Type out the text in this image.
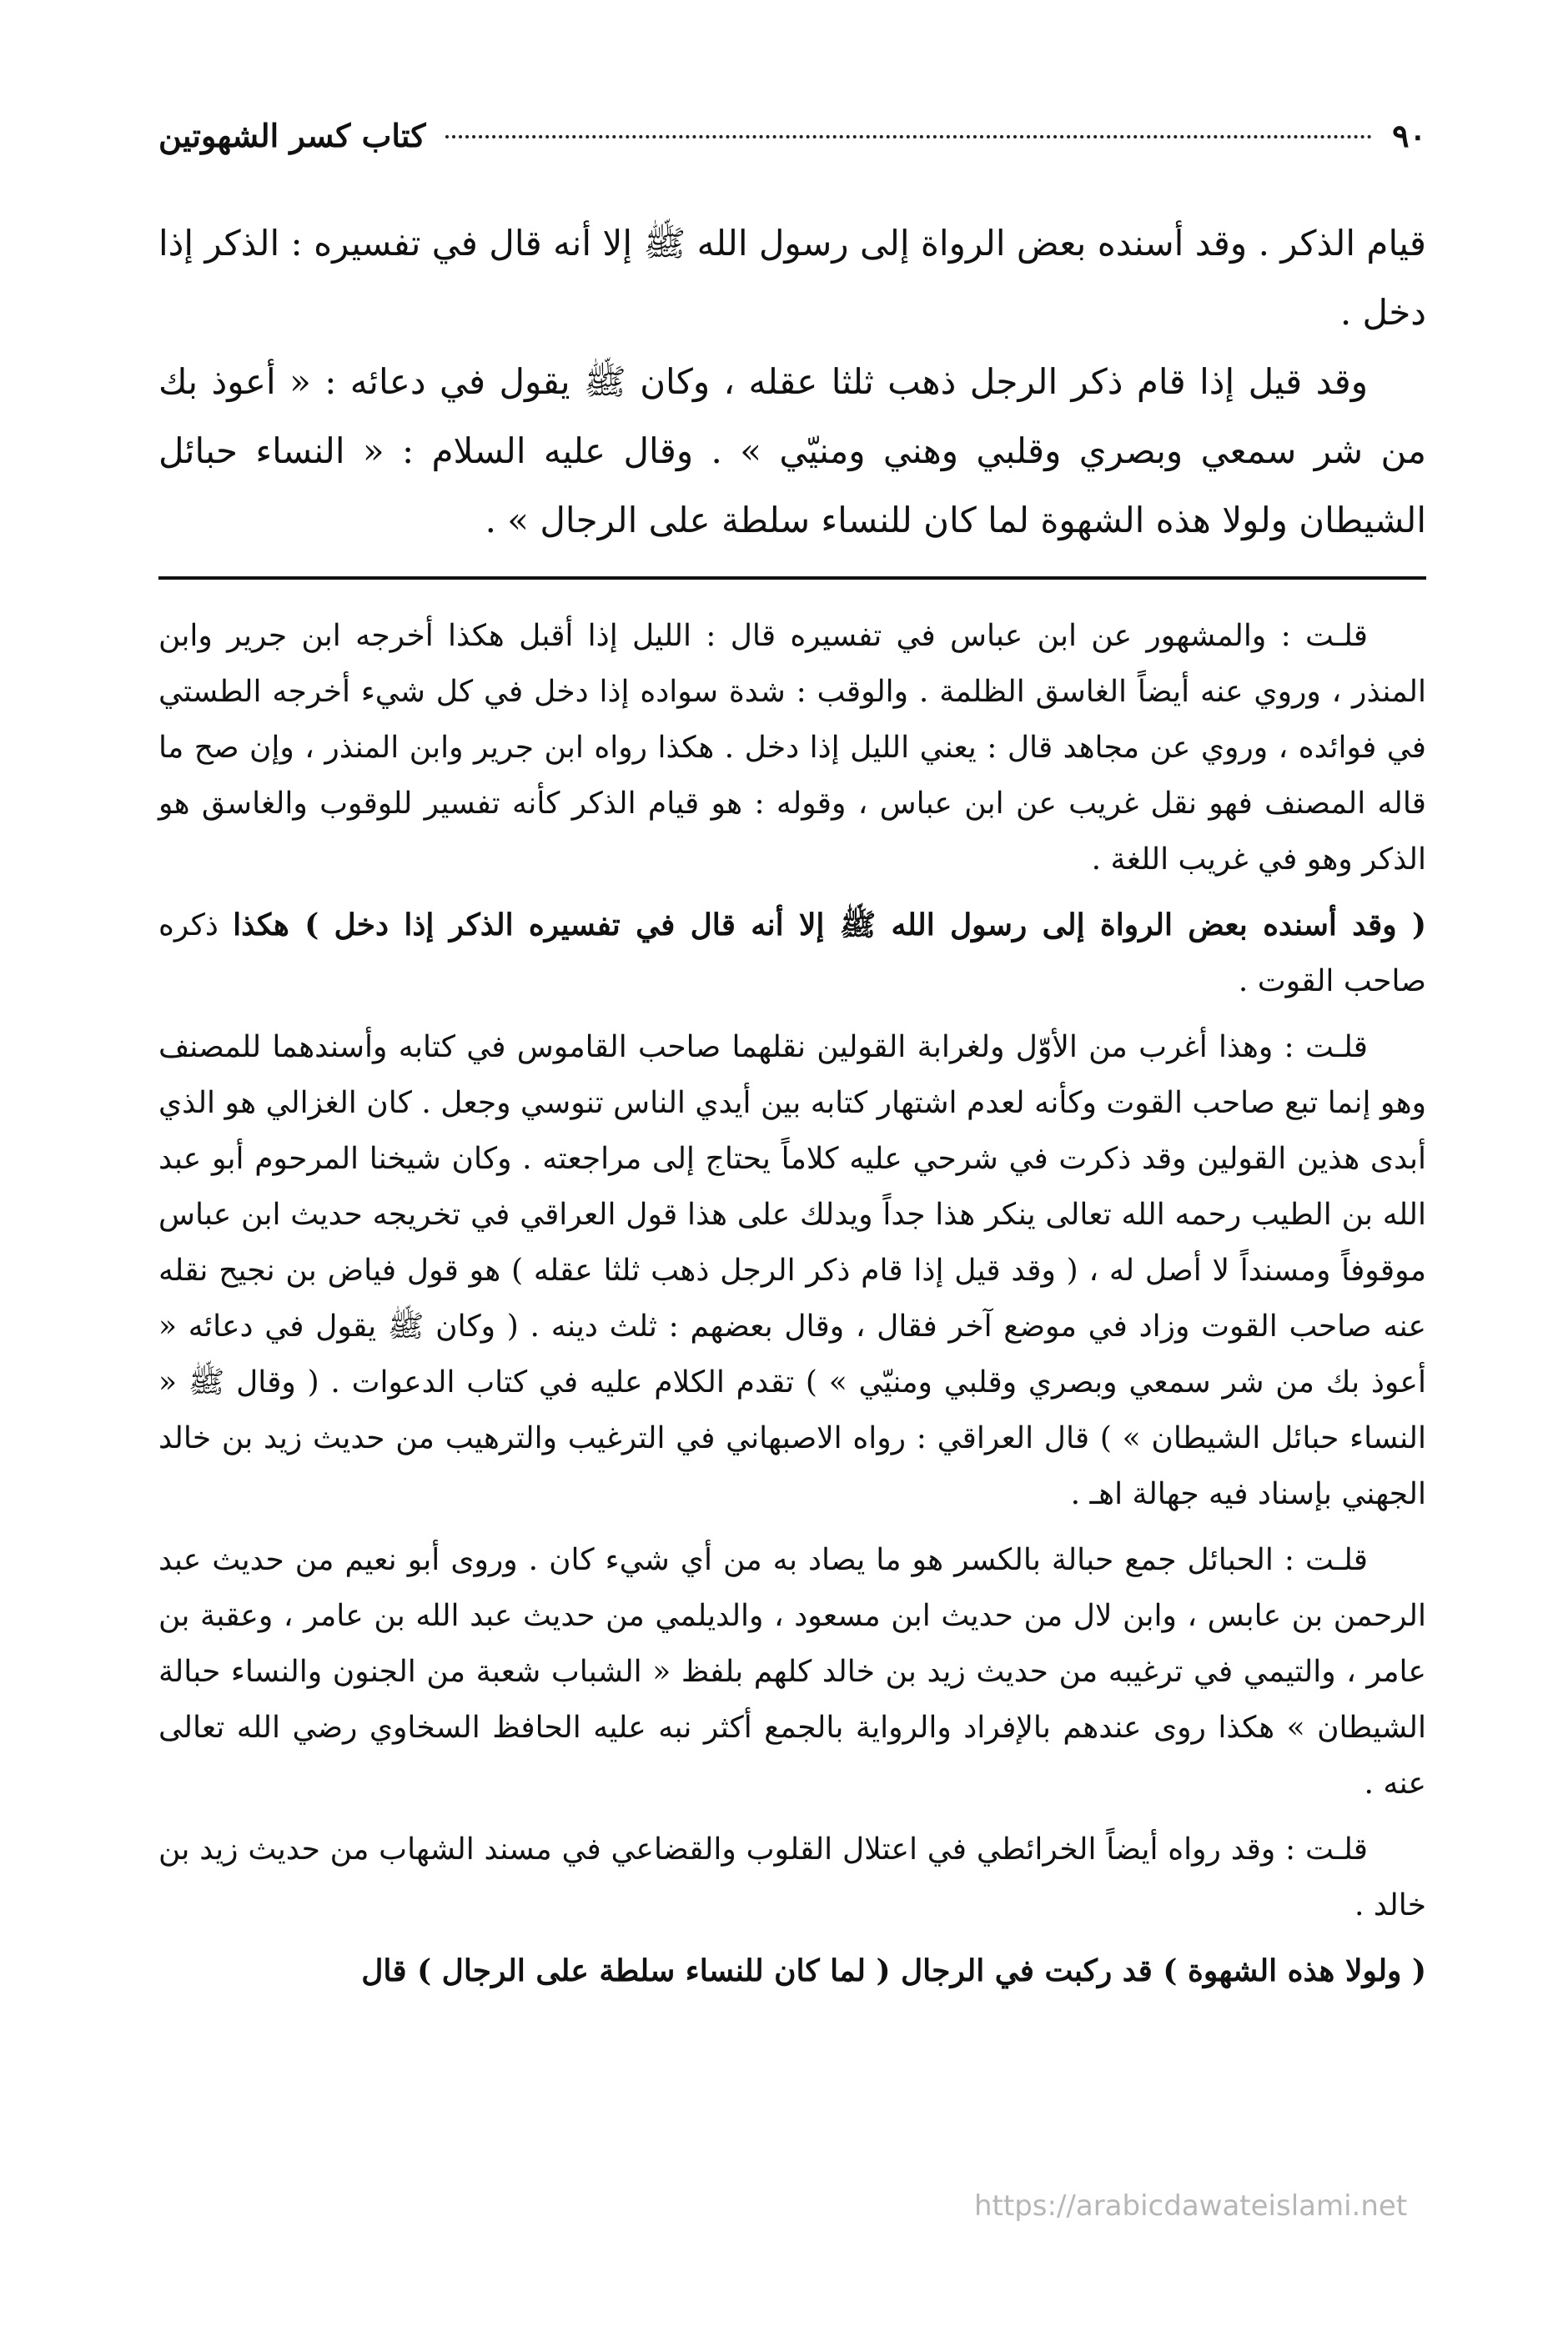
٩٠
كتاب كسر الشهوتين

قيام الذكر . وقد أسنده بعض الرواة إلى رسول الله ﷺ إلا أنه قال في تفسيره : الذكر إذا دخل .

وقد قيل إذا قام ذكر الرجل ذهب ثلثا عقله ، وكان ﷺ يقول في دعائه : « أعوذ بك من شر سمعي وبصري وقلبي وهني ومنيّي » . وقال عليه السلام : « النساء حبائل الشيطان ولولا هذه الشهوة لما كان للنساء سلطة على الرجال » .

قلـت : والمشهور عن ابن عباس في تفسيره قال : الليل إذا أقبل هكذا أخرجه ابن جرير وابن المنذر ، وروي عنه أيضاً الغاسق الظلمة . والوقب : شدة سواده إذا دخل في كل شيء أخرجه الطستي في فوائده ، وروي عن مجاهد قال : يعني الليل إذا دخل . هكذا رواه ابن جرير وابن المنذر ، وإن صح ما قاله المصنف فهو نقل غريب عن ابن عباس ، وقوله : هو قيام الذكر كأنه تفسير للوقوب والغاسق هو الذكر وهو في غريب اللغة .

( وقد أسنده بعض الرواة إلى رسول الله ﷺ إلا أنه قال في تفسيره الذكر إذا دخل ) هكذا ذكره صاحب القوت .

قلـت : وهذا أغرب من الأوّل ولغرابة القولين نقلهما صاحب القاموس في كتابه وأسندهما للمصنف وهو إنما تبع صاحب القوت وكأنه لعدم اشتهار كتابه بين أيدي الناس تنوسي وجعل . كان الغزالي هو الذي أبدى هذين القولين وقد ذكرت في شرحي عليه كلاماً يحتاج إلى مراجعته . وكان شيخنا المرحوم أبو عبد الله بن الطيب رحمه الله تعالى ينكر هذا جداً ويدلك على هذا قول العراقي في تخريجه حديث ابن عباس موقوفاً ومسنداً لا أصل له ، ( وقد قيل إذا قام ذكر الرجل ذهب ثلثا عقله ) هو قول فياض بن نجيح نقله عنه صاحب القوت وزاد في موضع آخر فقال ، وقال بعضهم : ثلث دينه . ( وكان ﷺ يقول في دعائه « أعوذ بك من شر سمعي وبصري وقلبي ومنيّي » ) تقدم الكلام عليه في كتاب الدعوات . ( وقال ﷺ « النساء حبائل الشيطان » ) قال العراقي : رواه الاصبهاني في الترغيب والترهيب من حديث زيد بن خالد الجهني بإسناد فيه جهالة اهـ .

قلـت : الحبائل جمع حبالة بالكسر هو ما يصاد به من أي شيء كان . وروى أبو نعيم من حديث عبد الرحمن بن عابس ، وابن لال من حديث ابن مسعود ، والديلمي من حديث عبد الله بن عامر ، وعقبة بن عامر ، والتيمي في ترغيبه من حديث زيد بن خالد كلهم بلفظ « الشباب شعبة من الجنون والنساء حبالة الشيطان » هكذا روى عندهم بالإفراد والرواية بالجمع أكثر نبه عليه الحافظ السخاوي رضي الله تعالى عنه .

قلـت : وقد رواه أيضاً الخرائطي في اعتلال القلوب والقضاعي في مسند الشهاب من حديث زيد بن خالد .

( ولولا هذه الشهوة ) قد ركبت في الرجال ( لما كان للنساء سلطة على الرجال ) قال

https://arabicdawateislami.net
